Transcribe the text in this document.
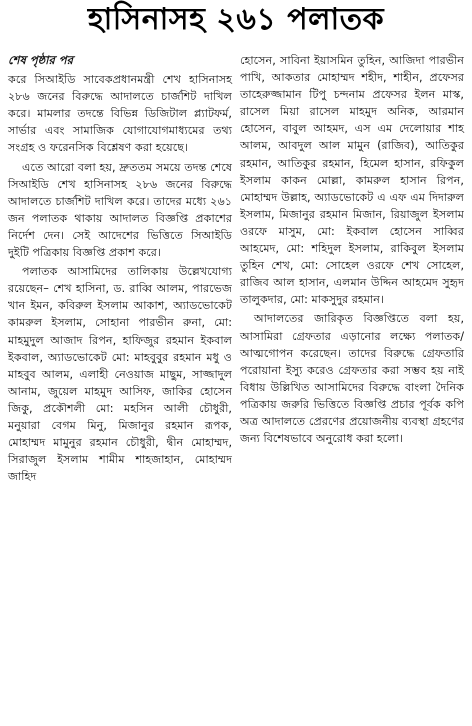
হাসিনাসহ ২৬১ পলাতক

শেষ পৃষ্ঠার পর

করে সিআইডি সাবেকপ্রধানমন্ত্রী শেখ হাসিনাসহ ২৮৬ জনের বিরুদ্ধে আদালতে চার্জশিট দাখিল করে। মামলার তদন্তে বিভিন্ন ডিজিটাল প্ল্যাটফর্ম, সার্ভার এবং সামাজিক যোগাযোগমাধ্যমের তথ্য সংগ্রহ ও ফরেনসিক বিশ্লেষণ করা হয়েছে।

এতে আরো বলা হয়, দ্রুততম সময়ে তদন্ত শেষে সিআইডি শেখ হাসিনাসহ ২৮৬ জনের বিরুদ্ধে আদালতে চার্জশিট দাখিল করে। তাদের মধ্যে ২৬১ জন পলাতক থাকায় আদালত বিজ্ঞপ্তি প্রকাশের নির্দেশ দেন। সেই আদেশের ভিত্তিতে সিআইডি দুইটি পত্রিকায় বিজ্ঞপ্তি প্রকাশ করে।

পলাতক আসামিদের তালিকায় উল্লেখযোগ্য রয়েছেন– শেখ হাসিনা, ড. রাব্বি আলম, পারভেজ খান ইমন, কবিরুল ইসলাম আকাশ, অ্যাডভোকেট কামরুল ইসলাম, সোহানা পারভীন রুনা, মো: মাহমুদুল আজাদ রিপন, হাফিজুর রহমান ইকবাল ইকবাল, অ্যাডভোকেট মো: মাহবুবুর রহমান মধু ও মাহবুব আলম, এলাহী নেওয়াজ মাছুম, সাজ্জাদুল আনাম, জুয়েল মাহমুদ আসিফ, জাকির হোসেন জিকু, প্রকৌশলী মো: মহসিন আলী চৌধুরী, মনুয়ারা বেগম মিনু, মিজানুর রহমান রূপক, মোহাম্মদ মামুনুর রহমান চৌধুরী, দ্বীন মোহাম্মদ, সিরাজুল ইসলাম শামীম শাহজাহান, মোহাম্মদ জাহিদ

হোসেন, সাবিনা ইয়াসমিন তুহিন, আজিদা পারভীন পাখি, আকতার মোহাম্মদ শহীদ, শাহীন, প্রফেসর তাহেরুজ্জামান টিপু চন্দনাম প্রফেসর ইলন মাস্ক, রাসেল মিয়া রাসেল মাহমুদ অনিক, আরমান হোসেন, বাবুল আহমদ, এস এম দেলোয়ার শাহ আলম, আবদুল আল মামুন (রাজিব), আতিকুর রহমান, আতিকুর রহমান, হিমেল হাসান, রফিকুল ইসলাম কাকন মোল্লা, কামরুল হাসান রিপন, মোহাম্মদ উল্লাহ, অ্যাডভোকেট এ এফ এম দিদারুল ইসলাম, মিজানুর রহমান মিজান, রিয়াজুল ইসলাম ওরফে মাসুম, মো: ইকবাল হোসেন সাব্বির আহমেদ, মো: শহিদুল ইসলাম, রাকিবুল ইসলাম তুহিন শেখ, মো: সোহেল ওরফে শেখ সোহেল, রাজিব আল হাসান, এলমান উদ্দিন আহমেদ সুহৃদ তালুকদার, মো: মাকসুদুর রহমান।

আদালতের জারিকৃত বিজ্ঞপ্তিতে বলা হয়, আসামিরা গ্রেফতার এড়ানোর লক্ষ্যে পলাতক/আত্মগোপন করেছেন। তাদের বিরুদ্ধে গ্রেফতারি পরোয়ানা ইস্যু করেও গ্রেফতার করা সম্ভব হয় নাই বিধায় উল্লিখিত আসামিদের বিরুদ্ধে বাংলা দৈনিক পত্রিকায় জরুরি ভিত্তিতে বিজ্ঞপ্তি প্রচার পূর্বক কপি অত্র আদালতে প্রেরণের প্রয়োজনীয় ব্যবস্থা গ্রহণের জন্য বিশেষভাবে অনুরোধ করা হলো।
